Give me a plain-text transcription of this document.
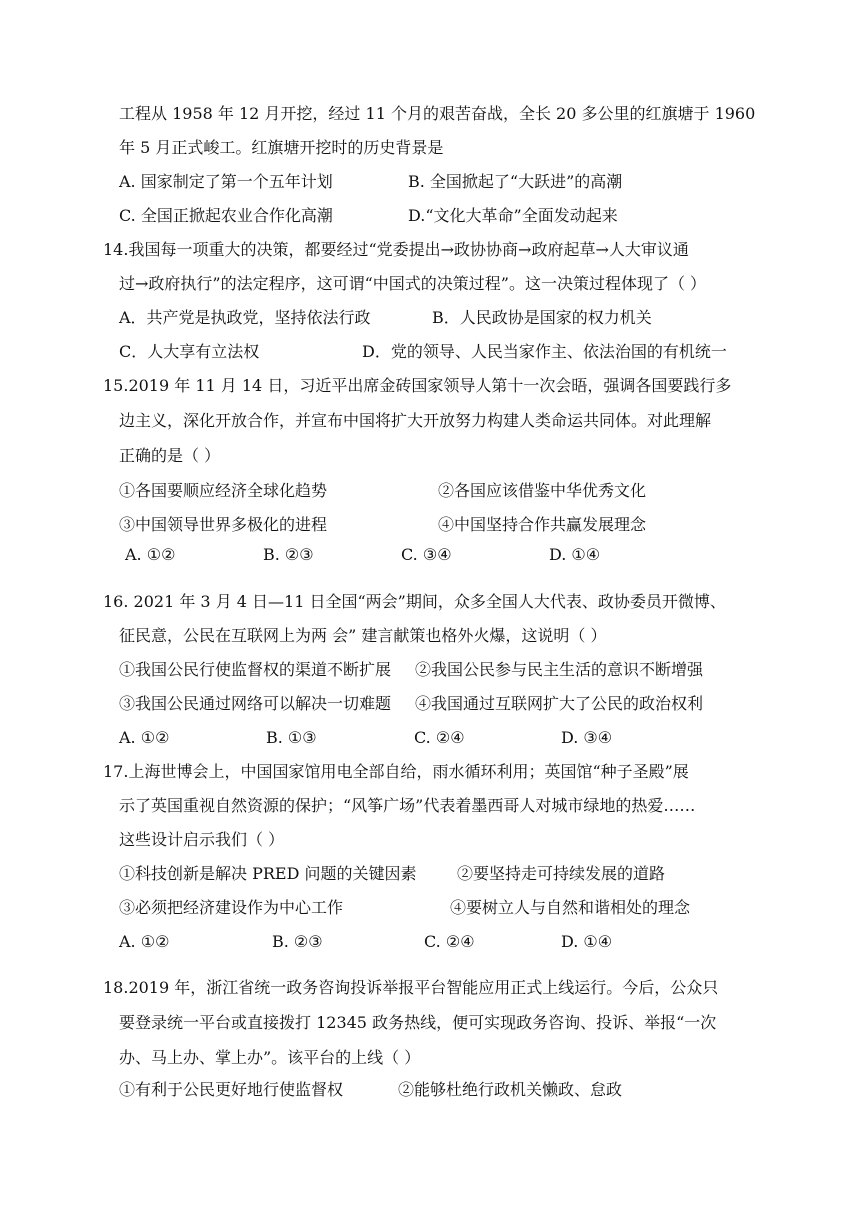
工程从 1958 年 12 月开挖，经过 11 个月的艰苦奋战，全长 20 多公里的红旗塘于 1960
年 5 月正式峻工。红旗塘开挖时的历史背景是
A. 国家制定了第一个五年计划	B. 全国掀起了“大跃进”的高潮
C. 全国正掀起农业合作化高潮	D.“文化大革命”全面发动起来
14.我国每一项重大的决策，都要经过“党委提出→政协协商→政府起草→人大审议通
过→政府执行”的法定程序，这可谓“中国式的决策过程”。这一决策过程体现了（ ）
A．共产党是执政党，坚持依法行政	B．人民政协是国家的权力机关
C．人大享有立法权	D．党的领导、人民当家作主、依法治国的有机统一
15.2019 年 11 月 14 日，习近平出席金砖国家领导人第十一次会晤，强调各国要践行多
边主义，深化开放合作，并宣布中国将扩大开放努力构建人类命运共同体。对此理解
正确的是（ ）
①各国要顺应经济全球化趋势	②各国应该借鉴中华优秀文化
③中国领导世界多极化的进程	④中国坚持合作共赢发展理念
A. ①②	B. ②③	C. ③④	D. ①④
16. 2021 年 3 月 4 日—11 日全国“两会”期间，众多全国人大代表、政协委员开微博、
征民意，公民在互联网上为两 会” 建言献策也格外火爆，这说明（ ）
①我国公民行使监督权的渠道不断扩展 ②我国公民参与民主生活的意识不断增强
③我国公民通过网络可以解决一切难题 ④我国通过互联网扩大了公民的政治权利
A. ①②	B. ①③	C. ②④	D. ③④
17.上海世博会上，中国国家馆用电全部自给，雨水循环利用；英国馆“种子圣殿”展
示了英国重视自然资源的保护；“风筝广场”代表着墨西哥人对城市绿地的热爱……
这些设计启示我们（ ）
①科技创新是解决 PRED 问题的关键因素	②要坚持走可持续发展的道路
③必须把经济建设作为中心工作	④要树立人与自然和谐相处的理念
A. ①②	B. ②③	C. ②④	D. ①④
18.2019 年，浙江省统一政务咨询投诉举报平台智能应用正式上线运行。今后，公众只
要登录统一平台或直接拨打 12345 政务热线，便可实现政务咨询、投诉、举报“一次
办、马上办、掌上办”。该平台的上线（ ）
①有利于公民更好地行使监督权	②能够杜绝行政机关懒政、怠政
